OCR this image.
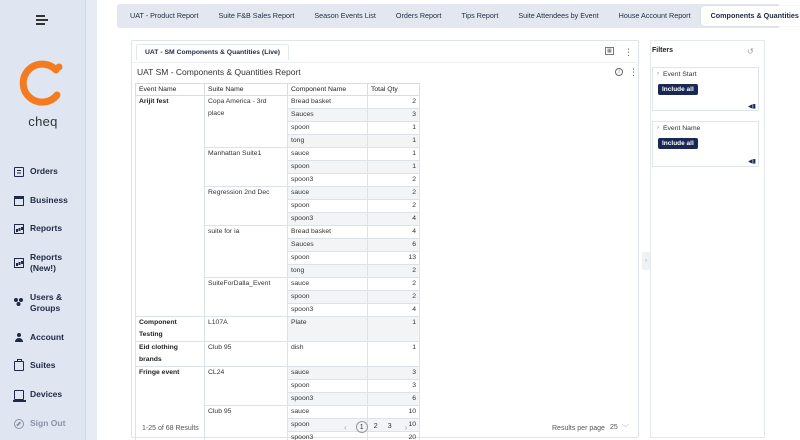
cheq
Orders
Business
Reports
Reports
(New!)
Users &
Groups
Account
Suites
Devices
Sign Out
UAT - Product Report	Suite F&B Sales Report	Season Events List	Orders Report	Tips Report	Suite Attendees by Event	House Account Report	Components & Quantities
UAT - SM Components & Quantities (Live)	▦ ⋮
UAT SM - Components & Quantities Report	i	⋮
Event Name	Suite Name	Component Name	Total Qty
Arijit fest	Copa America - 3rd place	Bread basket	2
		Sauces	3
		spoon	1
		tong	1
	Manhattan Suite1	sauce	1
		spoon	1
		spoon3	2
	Regression 2nd Dec	sauce	2
		spoon	2
		spoon3	4
	suite for ia	Bread basket	4
		Sauces	6
		spoon	13
		tong	2
	SuiteForDalla_Event	sauce	2
		spoon	2
		spoon3	4
Component Testing	L107A	Plate	1
Eid clothing brands	Club 95	dish	1
Fringe event	CL24	sauce	3
		spoon	3
		spoon3	6
	Club 95	sauce	10
		spoon	10
		spoon3	20
1-25 of 68 Results	‹	1	2	3	›	Results per page 25 ﹀
›
Filters	↺
› Event Start
Include all
◀▮
› Event Name
Include all
◀▮
